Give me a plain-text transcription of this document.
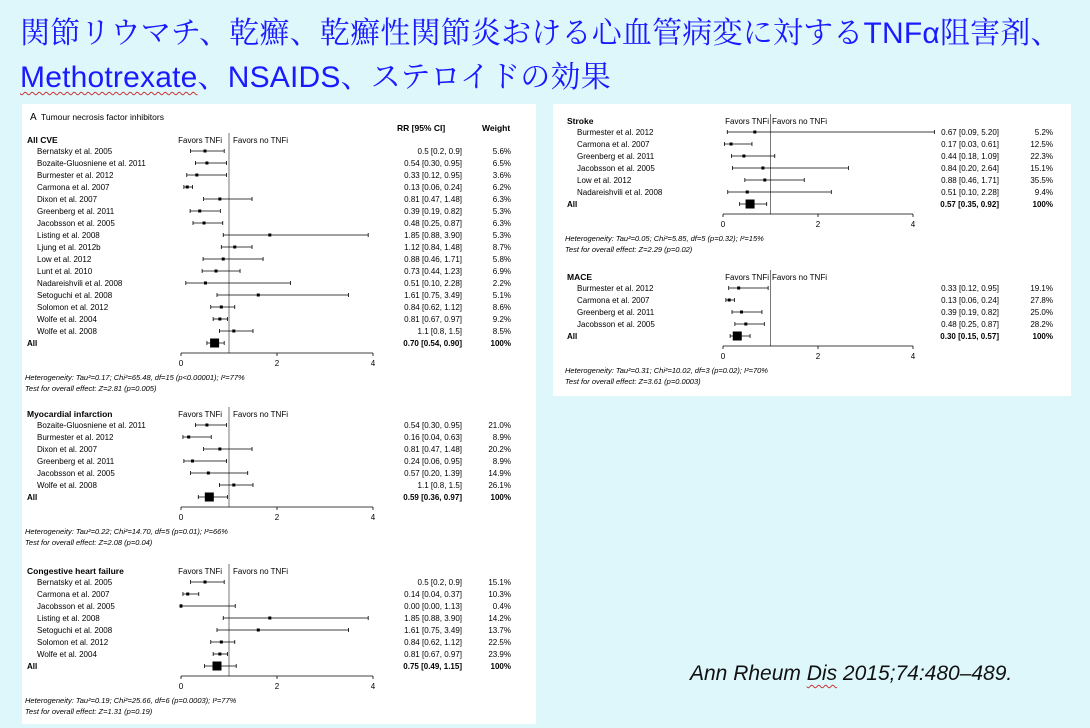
関節リウマチ、乾癬、乾癬性関節炎おける心血管病変に対するTNFα阻害剤、Methotrexate、NSAIDS、ステロイドの効果
A Tumour necrosis factor inhibitors
RR [95% CI]	Weight
All CVE	Favors TNFi Favors no TNFi
Bernatsky et al. 2005	0.5 [0.2, 0.9]	5.6%
Bozaite-Gluosniene et al. 2011	0.54 [0.30, 0.95]	6.5%
Burmester et al. 2012	0.33 [0.12, 0.95]	3.6%
Carmona et al. 2007	0.13 [0.06, 0.24]	6.2%
Dixon et al. 2007	0.81 [0.47, 1.48]	6.3%
Greenberg et al. 2011	0.39 [0.19, 0.82]	5.3%
Jacobsson et al. 2005	0.48 [0.25, 0.87]	6.3%
Listing et al. 2008	1.85 [0.88, 3.90]	5.3%
Ljung et al. 2012b	1.12 [0.84, 1.48]	8.7%
Low et al. 2012	0.88 [0.46, 1.71]	5.8%
Lunt et al. 2010	0.73 [0.44, 1.23]	6.9%
Nadareishvili et al. 2008	0.51 [0.10, 2.28]	2.2%
Setoguchi et al. 2008	1.61 [0.75, 3.49]	5.1%
Solomon et al. 2012	0.84 [0.62, 1.12]	8.6%
Wolfe et al. 2004	0.81 [0.67, 0.97]	9.2%
Wolfe et al. 2008	1.1 [0.8, 1.5]	8.5%
All	0.70 [0.54, 0.90]	100%
0	2	4
Heterogeneity: Tau²=0.17; Chi²=65.48, df=15 (p<0.00001); I²=77%
Test for overall effect: Z=2.81 (p=0.005)
Myocardial infarction	Favors TNFi Favors no TNFi
Bozaite-Gluosniene et al. 2011	0.54 [0.30, 0.95]	21.0%
Burmester et al. 2012	0.16 [0.04, 0.63]	8.9%
Dixon et al. 2007	0.81 [0.47, 1.48]	20.2%
Greenberg et al. 2011	0.24 [0.06, 0.95]	8.9%
Jacobsson et al. 2005	0.57 [0.20, 1.39]	14.9%
Wolfe et al. 2008	1.1 [0.8, 1.5]	26.1%
All	0.59 [0.36, 0.97]	100%
0	2	4
Heterogeneity: Tau²=0.22; Chi²=14.70, df=5 (p=0.01); I²=66%
Test for overall effect: Z=2.08 (p=0.04)
Congestive heart failure	Favors TNFi Favors no TNFi
Bernatsky et al. 2005	0.5 [0.2, 0.9]	15.1%
Carmona et al. 2007	0.14 [0.04, 0.37]	10.3%
Jacobsson et al. 2005	0.00 [0.00, 1.13]	0.4%
Listing et al. 2008	1.85 [0.88, 3.90]	14.2%
Setoguchi et al. 2008	1.61 [0.75, 3.49]	13.7%
Solomon et al. 2012	0.84 [0.62, 1.12]	22.5%
Wolfe et al. 2004	0.81 [0.67, 0.97]	23.9%
All	0.75 [0.49, 1.15]	100%
0	2	4
Heterogeneity: Tau²=0.19; Chi²=25.66, df=6 (p=0.0003); I²=77%
Test for overall effect: Z=1.31 (p=0.19)
Stroke	Favors TNFi Favors no TNFi
Burmester et al. 2012	0.67 [0.09, 5.20]	5.2%
Carmona et al. 2007	0.17 [0.03, 0.61]	12.5%
Greenberg et al. 2011	0.44 [0.18, 1.09]	22.3%
Jacobsson et al. 2005	0.84 [0.20, 2.64]	15.1%
Low et al. 2012	0.88 [0.46, 1.71]	35.5%
Nadareishvili et al. 2008	0.51 [0.10, 2.28]	9.4%
All	0.57 [0.35, 0.92]	100%
0	2	4
Heterogeneity: Tau²=0.05; Chi²=5.85, df=5 (p=0.32); I²=15%
Test for overall effect: Z=2.29 (p=0.02)
MACE	Favors TNFi Favors no TNFi
Burmester et al. 2012	0.33 [0.12, 0.95]	19.1%
Carmona et al. 2007	0.13 [0.06, 0.24]	27.8%
Greenberg et al. 2011	0.39 [0.19, 0.82]	25.0%
Jacobsson et al. 2005	0.48 [0.25, 0.87]	28.2%
All	0.30 [0.15, 0.57]	100%
0	2	4
Heterogeneity: Tau²=0.31; Chi²=10.02, df=3 (p=0.02); I²=70%
Test for overall effect: Z=3.61 (p=0.0003)
Ann Rheum Dis 2015;74:480–489.
